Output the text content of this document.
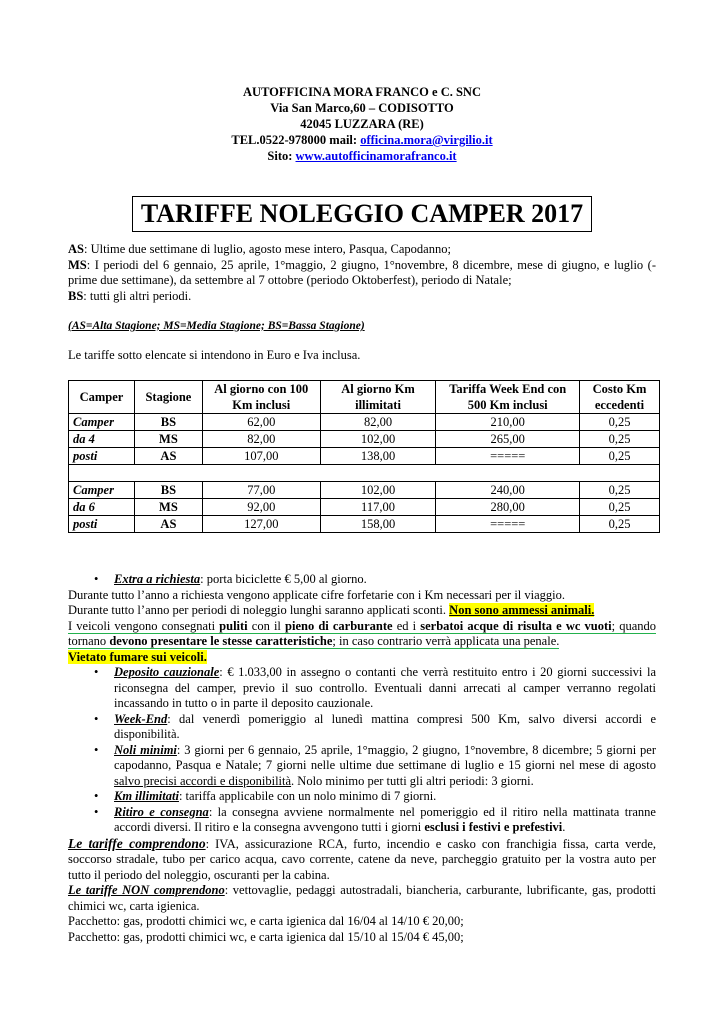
AUTOFFICINA MORA FRANCO e C. SNC
Via San Marco,60 – CODISOTTO
42045 LUZZARA (RE)
TEL.0522-978000 mail: officina.mora@virgilio.it
Sito: www.autofficinamorafranco.it
TARIFFE NOLEGGIO CAMPER 2017
AS: Ultime due settimane di luglio, agosto mese intero, Pasqua, Capodanno;
MS: I periodi del 6 gennaio, 25 aprile, 1°maggio, 2 giugno, 1°novembre, 8 dicembre, mese di giugno, e luglio (-prime due settimane), da settembre al 7 ottobre (periodo Oktoberfest), periodo di Natale;
BS: tutti gli altri periodi.
(AS=Alta Stagione; MS=Media Stagione; BS=Bassa Stagione)
Le tariffe sotto elencate si intendono in Euro e Iva inclusa.
Camper	Stagione	Al giorno con 100 Km inclusi	Al giorno Km illimitati	Tariffa Week End con 500 Km inclusi	Costo Km eccedenti
Camper	BS	62,00	82,00	210,00	0,25
da 4	MS	82,00	102,00	265,00	0,25
posti	AS	107,00	138,00	=====	0,25

Camper	BS	77,00	102,00	240,00	0,25
da 6	MS	92,00	117,00	280,00	0,25
posti	AS	127,00	158,00	=====	0,25
• Extra a richiesta: porta biciclette € 5,00 al giorno.
Durante tutto l’anno a richiesta vengono applicate cifre forfetarie con i Km necessari per il viaggio.
Durante tutto l’anno per periodi di noleggio lunghi saranno applicati sconti. Non sono ammessi animali.
I veicoli vengono consegnati puliti con il pieno di carburante ed i serbatoi acque di risulta e wc vuoti; quando tornano devono presentare le stesse caratteristiche; in caso contrario verrà applicata una penale.
Vietato fumare sui veicoli.
• Deposito cauzionale: € 1.033,00 in assegno o contanti che verrà restituito entro i 20 giorni successivi la riconsegna del camper, previo il suo controllo. Eventuali danni arrecati al camper verranno regolati incassando in tutto o in parte il deposito cauzionale.
• Week-End: dal venerdì pomeriggio al lunedì mattina compresi 500 Km, salvo diversi accordi e disponibilità.
• Noli minimi: 3 giorni per 6 gennaio, 25 aprile, 1°maggio, 2 giugno, 1°novembre, 8 dicembre; 5 giorni per capodanno, Pasqua e Natale; 7 giorni nelle ultime due settimane di luglio e 15 giorni nel mese di agosto salvo precisi accordi e disponibilità. Nolo minimo per tutti gli altri periodi: 3 giorni.
• Km illimitati: tariffa applicabile con un nolo minimo di 7 giorni.
• Ritiro e consegna: la consegna avviene normalmente nel pomeriggio ed il ritiro nella mattinata tranne accordi diversi. Il ritiro e la consegna avvengono tutti i giorni esclusi i festivi e prefestivi.
Le tariffe comprendono: IVA, assicurazione RCA, furto, incendio e casko con franchigia fissa, carta verde, soccorso stradale, tubo per carico acqua, cavo corrente, catene da neve, parcheggio gratuito per la vostra auto per tutto il periodo del noleggio, oscuranti per la cabina.
Le tariffe NON comprendono: vettovaglie, pedaggi autostradali, biancheria, carburante, lubrificante, gas, prodotti chimici wc, carta igienica.
Pacchetto: gas, prodotti chimici wc, e carta igienica dal 16/04 al 14/10 € 20,00;
Pacchetto: gas, prodotti chimici wc, e carta igienica dal 15/10 al 15/04 € 45,00;
